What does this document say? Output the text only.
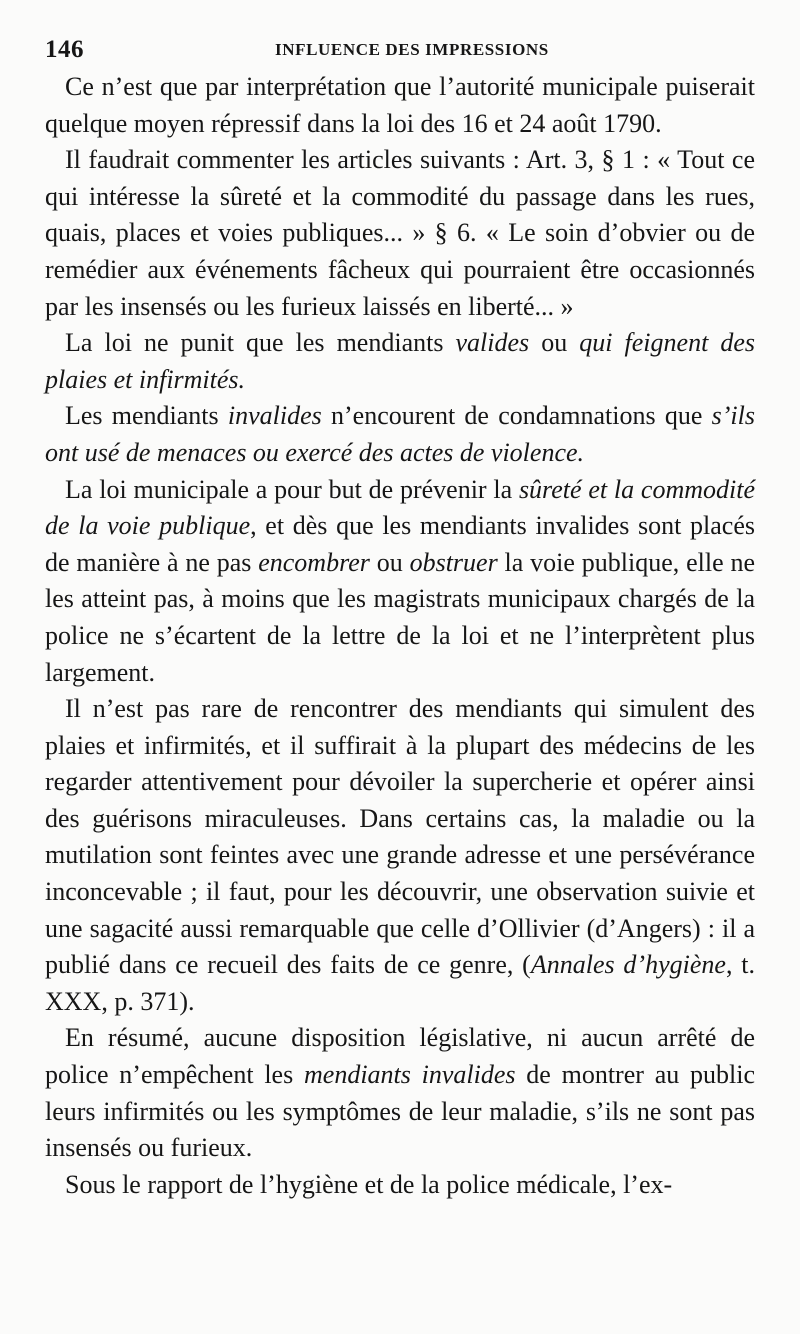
146	INFLUENCE DES IMPRESSIONS

Ce n’est que par interprétation que l’autorité municipale puiserait quelque moyen répressif dans la loi des 16 et 24 août 1790.

Il faudrait commenter les articles suivants : Art. 3, § 1 : « Tout ce qui intéresse la sûreté et la commodité du passage dans les rues, quais, places et voies publiques... » § 6. « Le soin d’obvier ou de remédier aux événements fâcheux qui pourraient être occasionnés par les insensés ou les furieux laissés en liberté... »

La loi ne punit que les mendiants valides ou qui feignent des plaies et infirmités.

Les mendiants invalides n’encourent de condamnations que s’ils ont usé de menaces ou exercé des actes de violence.

La loi municipale a pour but de prévenir la sûreté et la commodité de la voie publique, et dès que les mendiants invalides sont placés de manière à ne pas encombrer ou obstruer la voie publique, elle ne les atteint pas, à moins que les magistrats municipaux chargés de la police ne s’écartent de la lettre de la loi et ne l’interprètent plus largement.

Il n’est pas rare de rencontrer des mendiants qui simulent des plaies et infirmités, et il suffirait à la plupart des médecins de les regarder attentivement pour dévoiler la supercherie et opérer ainsi des guérisons miraculeuses. Dans certains cas, la maladie ou la mutilation sont feintes avec une grande adresse et une persévérance inconcevable ; il faut, pour les découvrir, une observation suivie et une sagacité aussi remarquable que celle d’Ollivier (d’Angers) : il a publié dans ce recueil des faits de ce genre, (Annales d’hygiène, t. XXX, p. 371).

En résumé, aucune disposition législative, ni aucun arrêté de police n’empêchent les mendiants invalides de montrer au public leurs infirmités ou les symptômes de leur maladie, s’ils ne sont pas insensés ou furieux.

Sous le rapport de l’hygiène et de la police médicale, l’ex-
